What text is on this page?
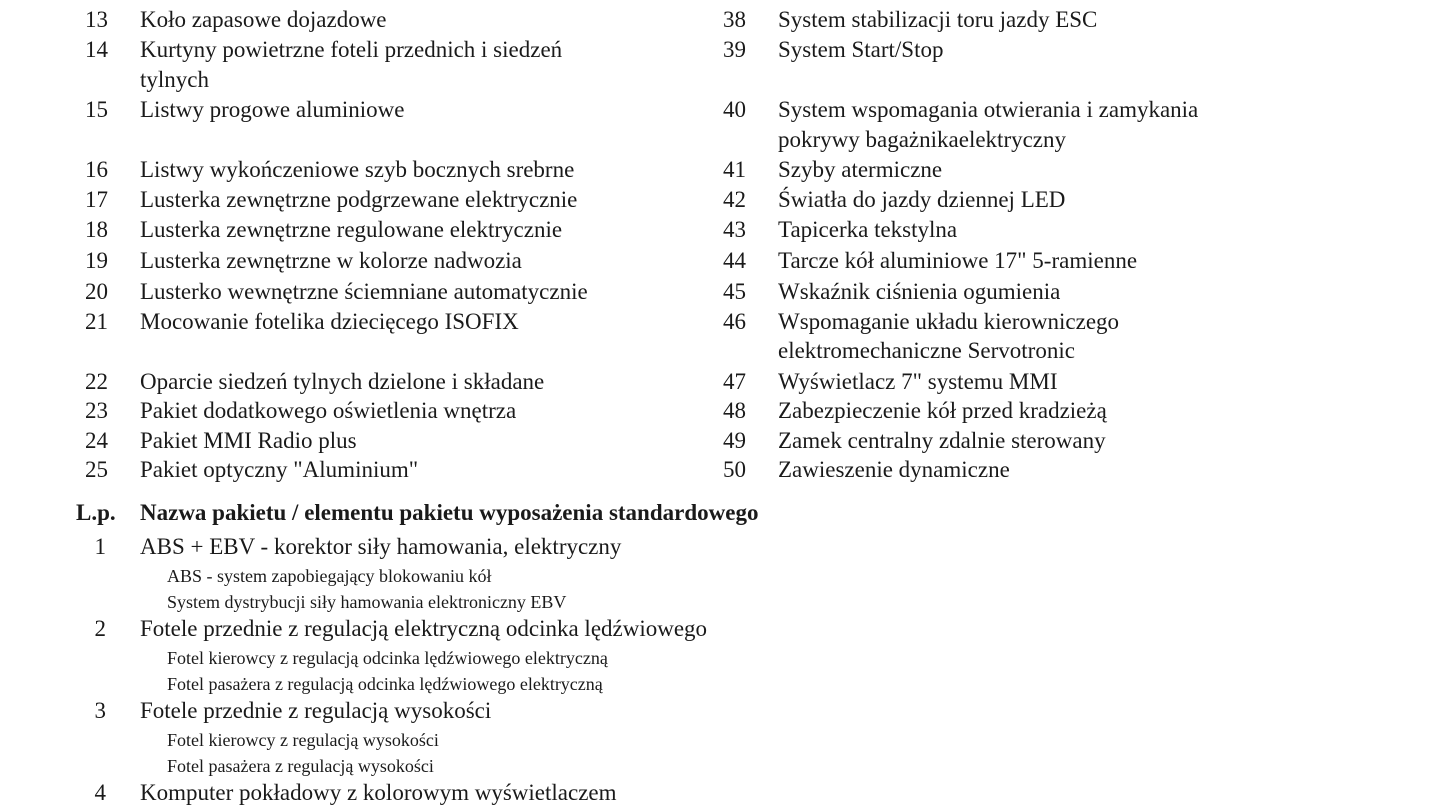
13 Koło zapasowe dojazdowe
14 Kurtyny powietrzne foteli przednich i siedzeń
tylnych
15 Listwy progowe aluminiowe
16 Listwy wykończeniowe szyb bocznych srebrne
17 Lusterka zewnętrzne podgrzewane elektrycznie
18 Lusterka zewnętrzne regulowane elektrycznie
19 Lusterka zewnętrzne w kolorze nadwozia
20 Lusterko wewnętrzne ściemniane automatycznie
21 Mocowanie fotelika dziecięcego ISOFIX
22 Oparcie siedzeń tylnych dzielone i składane
23 Pakiet dodatkowego oświetlenia wnętrza
24 Pakiet MMI Radio plus
25 Pakiet optyczny "Aluminium"
38 System stabilizacji toru jazdy ESC
39 System Start/Stop
40 System wspomagania otwierania i zamykania
pokrywy bagażnikaelektryczny
41 Szyby atermiczne
42 Światła do jazdy dziennej LED
43 Tapicerka tekstylna
44 Tarcze kół aluminiowe 17" 5-ramienne
45 Wskaźnik ciśnienia ogumienia
46 Wspomaganie układu kierowniczego
elektromechaniczne Servotronic
47 Wyświetlacz 7" systemu MMI
48 Zabezpieczenie kół przed kradzieżą
49 Zamek centralny zdalnie sterowany
50 Zawieszenie dynamiczne
L.p. Nazwa pakietu / elementu pakietu wyposażenia standardowego
1 ABS + EBV - korektor siły hamowania, elektryczny
ABS - system zapobiegający blokowaniu kół
System dystrybucji siły hamowania elektroniczny EBV
2 Fotele przednie z regulacją elektryczną odcinka lędźwiowego
Fotel kierowcy z regulacją odcinka lędźwiowego elektryczną
Fotel pasażera z regulacją odcinka lędźwiowego elektryczną
3 Fotele przednie z regulacją wysokości
Fotel kierowcy z regulacją wysokości
Fotel pasażera z regulacją wysokości
4 Komputer pokładowy z kolorowym wyświetlaczem
